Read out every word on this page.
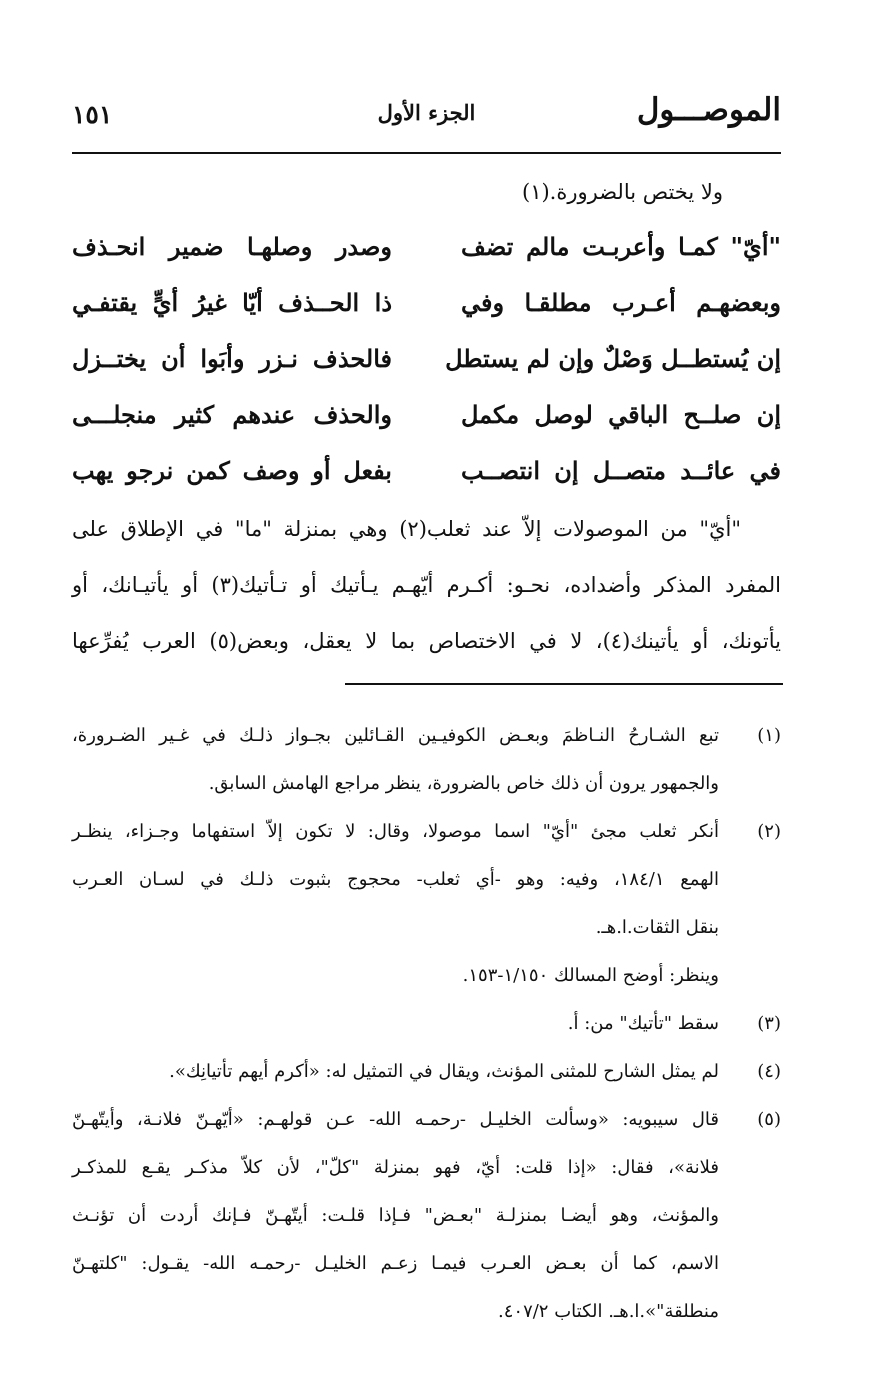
الموصـــول
الجزء الأول
١٥١
ولا يختص بالضرورة.(١)
"أيّ" كمـا وأعربـت مالم تضف
وصدر وصلهـا ضمير انحـذف
وبعضهـم أعـرب مطلقـا وفي
ذا الحــذف أيّا غيرُ أيٍّ يقتفـي
إن يُستطــل وَصْلٌ وإن لم يستطل
فالحذف نـزر وأبَوا أن يختــزل
إن صلــح الباقي لوصل مكمل
والحذف عندهم كثير منجلـــى
في عائــد متصــل إن انتصــب
بفعل أو وصف كمن نرجو يهب
"أيّ" من الموصولات إلاّ عند ثعلب(٢) وهي بمنزلة "ما" في الإطلاق على
المفرد المذكر وأضداده، نحـو: أكـرم أيّهـم يـأتيك أو تـأتيك(٣) أو يأتيـانك، أو
يأتونك، أو يأتينك(٤)، لا في الاختصاص بما لا يعقل، وبعض(٥) العرب يُفرِّعها
(١)
تبع الشـارحُ النـاظمَ وبعـض الكوفيـين القـائلين بجـواز ذلـك في غـير الضـرورة،
والجمهور يرون أن ذلك خاص بالضرورة، ينظر مراجع الهامش السابق.
(٢)
أنكر ثعلب مجئ "أيّ" اسما موصولا، وقال: لا تكون إلاّ استفهاما وجـزاء، ينظـر
الهمع ١٨٤/١، وفيه: وهو -أي ثعلب- محجوج بثبوت ذلـك في لسـان العـرب
بنقل الثقات.ا.هـ.
وينظر: أوضح المسالك ١/١٥٠-١٥٣.
(٣)
سقط "تأتيك" من: أ.
(٤)
لم يمثل الشارح للمثنى المؤنث، ويقال في التمثيل له: «أكرم أيهم تأتيانِك».
(٥)
قال سيبويه: «وسألت الخليـل -رحمـه الله- عـن قولهـم: «أيّهـنّ فلانـة، وأيتّهـنّ
فلانة»، فقال: «إذا قلت: أيّ، فهو بمنزلة "كلّ"، لأن كلاّ مذكـر يقـع للمذكـر
والمؤنث، وهو أيضـا بمنزلـة "بعـض" فـإذا قلـت: أيتّهـنّ فـإنك أردت أن تؤنـث
الاسم، كما أن بعـض العـرب فيمـا زعـم الخليـل -رحمـه الله- يقـول: "كلتهـنّ
منطلقة"».ا.هـ. الكتاب ٤٠٧/٢.
